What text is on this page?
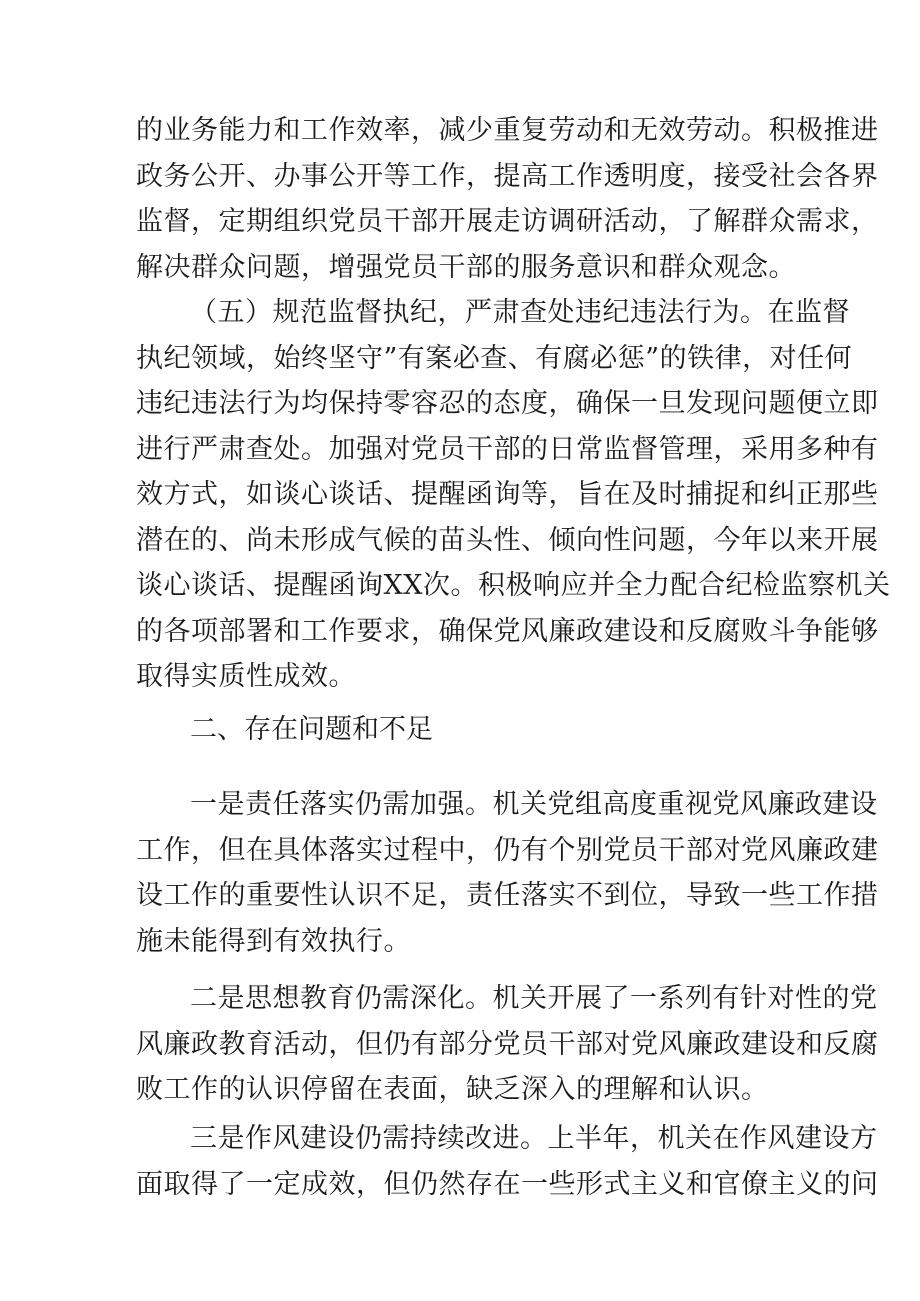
的业务能力和工作效率，减少重复劳动和无效劳动。积极推进
政务公开、办事公开等工作，提高工作透明度，接受社会各界
监督，定期组织党员干部开展走访调研活动，了解群众需求，
解决群众问题，增强党员干部的服务意识和群众观念。
（五）规范监督执纪，严肃查处违纪违法行为。在监督
执纪领域，始终坚守”有案必查、有腐必惩”的铁律，对任何
违纪违法行为均保持零容忍的态度，确保一旦发现问题便立即
进行严肃查处。加强对党员干部的日常监督管理，采用多种有
效方式，如谈心谈话、提醒函询等，旨在及时捕捉和纠正那些
潜在的、尚未形成气候的苗头性、倾向性问题，今年以来开展
谈心谈话、提醒函询XX次。积极响应并全力配合纪检监察机关
的各项部署和工作要求，确保党风廉政建设和反腐败斗争能够
取得实质性成效。
二、存在问题和不足
一是责任落实仍需加强。机关党组高度重视党风廉政建设
工作，但在具体落实过程中，仍有个别党员干部对党风廉政建
设工作的重要性认识不足，责任落实不到位，导致一些工作措
施未能得到有效执行。
二是思想教育仍需深化。机关开展了一系列有针对性的党
风廉政教育活动，但仍有部分党员干部对党风廉政建设和反腐
败工作的认识停留在表面，缺乏深入的理解和认识。
三是作风建设仍需持续改进。上半年，机关在作风建设方
面取得了一定成效，但仍然存在一些形式主义和官僚主义的问
